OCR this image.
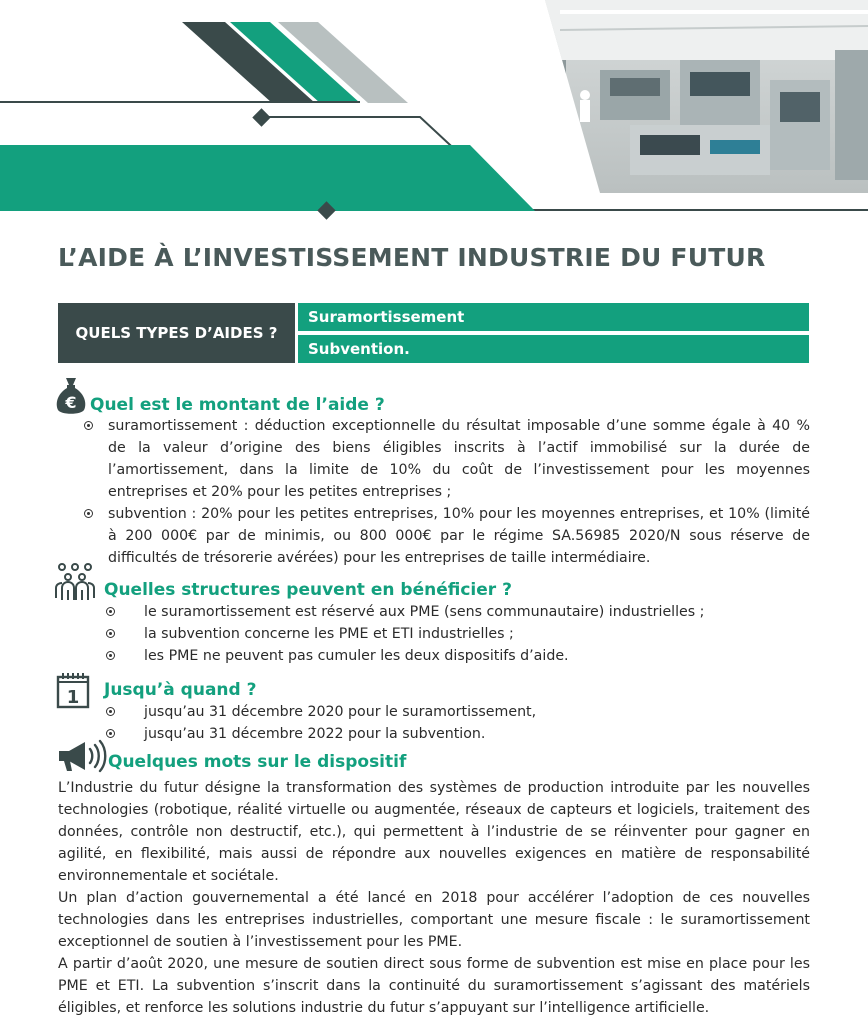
L’AIDE À L’INVESTISSEMENT INDUSTRIE DU FUTUR
QUELS TYPES D’AIDES ?
Suramortissement
Subvention.
€ Quel est le montant de l’aide ?
suramortissement : déduction exceptionnelle du résultat imposable d’une somme égale à 40 % de la valeur d’origine des biens éligibles inscrits à l’actif immobilisé sur la durée de l’amortissement, dans la limite de 10% du coût de l’investissement pour les moyennes entreprises et 20% pour les petites entreprises ;
subvention : 20% pour les petites entreprises, 10% pour les moyennes entreprises, et 10% (limité à 200 000€ par de minimis, ou 800 000€ par le régime SA.56985 2020/N sous réserve de difficultés de trésorerie avérées) pour les entreprises de taille intermédiaire.
Quelles structures peuvent en bénéficier ?
le suramortissement est réservé aux PME (sens communautaire) industrielles ;
la subvention concerne les PME et ETI industrielles ;
les PME ne peuvent pas cumuler les deux dispositifs d’aide.
1 Jusqu’à quand ?
jusqu’au 31 décembre 2020 pour le suramortissement,
jusqu’au 31 décembre 2022 pour la subvention.
Quelques mots sur le dispositif

L’Industrie du futur désigne la transformation des systèmes de production introduite par les nouvelles technologies (robotique, réalité virtuelle ou augmentée, réseaux de capteurs et logiciels, traitement des données, contrôle non destructif, etc.), qui permettent à l’industrie de se réinventer pour gagner en agilité, en flexibilité, mais aussi de répondre aux nouvelles exigences en matière de responsabilité environnementale et sociétale.

Un plan d’action gouvernemental a été lancé en 2018 pour accélérer l’adoption de ces nouvelles technologies dans les entreprises industrielles, comportant une mesure fiscale : le suramortissement exceptionnel de soutien à l’investissement pour les PME.

A partir d’août 2020, une mesure de soutien direct sous forme de subvention est mise en place pour les PME et ETI. La subvention s’inscrit dans la continuité du suramortissement s’agissant des matériels éligibles, et renforce les solutions industrie du futur s’appuyant sur l’intelligence artificielle.
